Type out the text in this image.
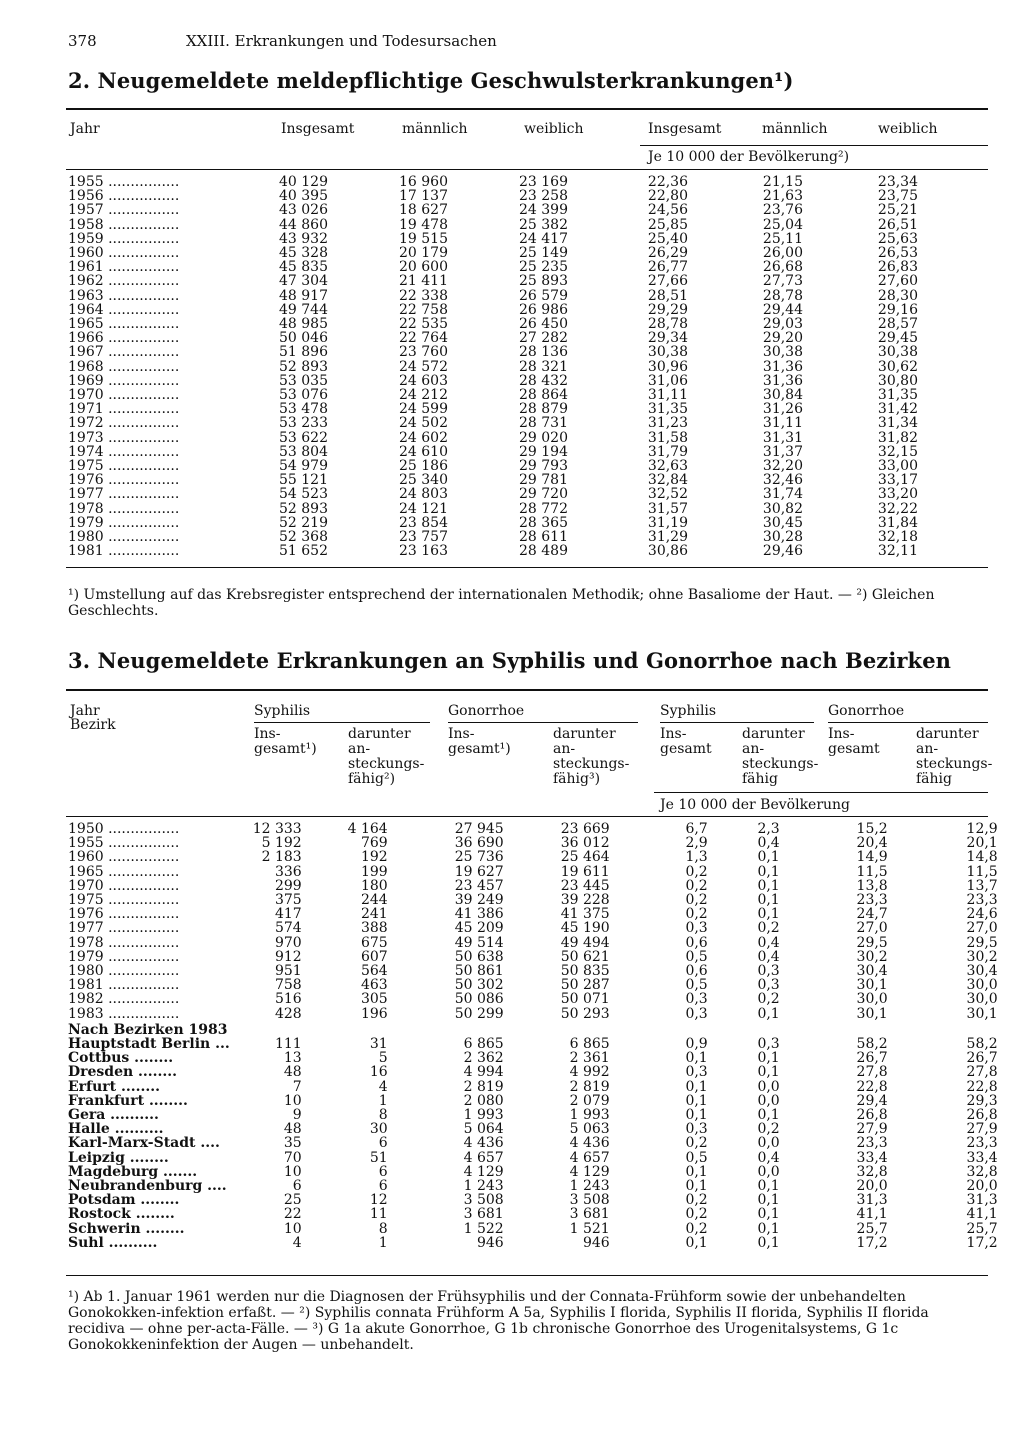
378	XXIII. Erkrankungen und Todesursachen
2. Neugemeldete meldepflichtige Geschwulsterkrankungen¹)
Jahr	Insgesamt	männlich	weiblich	Insgesamt	männlich	weiblich
Je 10 000 der Bevölkerung²)
1955 ................	40 129	16 960	23 169	22,36	21,15	23,34
1956 ................	40 395	17 137	23 258	22,80	21,63	23,75
1957 ................	43 026	18 627	24 399	24,56	23,76	25,21
1958 ................	44 860	19 478	25 382	25,85	25,04	26,51
1959 ................	43 932	19 515	24 417	25,40	25,11	25,63
1960 ................	45 328	20 179	25 149	26,29	26,00	26,53
1961 ................	45 835	20 600	25 235	26,77	26,68	26,83
1962 ................	47 304	21 411	25 893	27,66	27,73	27,60
1963 ................	48 917	22 338	26 579	28,51	28,78	28,30
1964 ................	49 744	22 758	26 986	29,29	29,44	29,16
1965 ................	48 985	22 535	26 450	28,78	29,03	28,57
1966 ................	50 046	22 764	27 282	29,34	29,20	29,45
1967 ................	51 896	23 760	28 136	30,38	30,38	30,38
1968 ................	52 893	24 572	28 321	30,96	31,36	30,62
1969 ................	53 035	24 603	28 432	31,06	31,36	30,80
1970 ................	53 076	24 212	28 864	31,11	30,84	31,35
1971 ................	53 478	24 599	28 879	31,35	31,26	31,42
1972 ................	53 233	24 502	28 731	31,23	31,11	31,34
1973 ................	53 622	24 602	29 020	31,58	31,31	31,82
1974 ................	53 804	24 610	29 194	31,79	31,37	32,15
1975 ................	54 979	25 186	29 793	32,63	32,20	33,00
1976 ................	55 121	25 340	29 781	32,84	32,46	33,17
1977 ................	54 523	24 803	29 720	32,52	31,74	33,20
1978 ................	52 893	24 121	28 772	31,57	30,82	32,22
1979 ................	52 219	23 854	28 365	31,19	30,45	31,84
1980 ................	52 368	23 757	28 611	31,29	30,28	32,18
1981 ................	51 652	23 163	28 489	30,86	29,46	32,11
¹) Umstellung auf das Krebsregister entsprechend der internationalen Methodik; ohne Basaliome der Haut. — ²) Gleichen Geschlechts.
3. Neugemeldete Erkrankungen an Syphilis und Gonorrhoe nach Bezirken
Jahr
Bezirk
Syphilis	Gonorrhoe	Syphilis	Gonorrhoe
Ins-
gesamt¹)
darunter
an-
steckungs-
fähig²)
Ins-
gesamt¹)
darunter
an-
steckungs-
fähig³)
Ins-
gesamt
darunter
an-
steckungs-
fähig
Ins-
gesamt
darunter
an-
steckungs-
fähig
Je 10 000 der Bevölkerung
1950 ................	12 333	4 164	27 945	23 669	6,7	2,3	15,2	12,9
1955 ................	5 192	769	36 690	36 012	2,9	0,4	20,4	20,1
1960 ................	2 183	192	25 736	25 464	1,3	0,1	14,9	14,8
1965 ................	336	199	19 627	19 611	0,2	0,1	11,5	11,5
1970 ................	299	180	23 457	23 445	0,2	0,1	13,8	13,7
1975 ................	375	244	39 249	39 228	0,2	0,1	23,3	23,3
1976 ................	417	241	41 386	41 375	0,2	0,1	24,7	24,6
1977 ................	574	388	45 209	45 190	0,3	0,2	27,0	27,0
1978 ................	970	675	49 514	49 494	0,6	0,4	29,5	29,5
1979 ................	912	607	50 638	50 621	0,5	0,4	30,2	30,2
1980 ................	951	564	50 861	50 835	0,6	0,3	30,4	30,4
1981 ................	758	463	50 302	50 287	0,5	0,3	30,1	30,0
1982 ................	516	305	50 086	50 071	0,3	0,2	30,0	30,0
1983 ................	428	196	50 299	50 293	0,3	0,1	30,1	30,1
Nach Bezirken 1983								
Hauptstadt Berlin ...	111	31	6 865	6 865	0,9	0,3	58,2	58,2
Cottbus ........	13	5	2 362	2 361	0,1	0,1	26,7	26,7
Dresden ........	48	16	4 994	4 992	0,3	0,1	27,8	27,8
Erfurt ........	7	4	2 819	2 819	0,1	0,0	22,8	22,8
Frankfurt ........	10	1	2 080	2 079	0,1	0,0	29,4	29,3
Gera ..........	9	8	1 993	1 993	0,1	0,1	26,8	26,8
Halle ..........	48	30	5 064	5 063	0,3	0,2	27,9	27,9
Karl-Marx-Stadt ....	35	6	4 436	4 436	0,2	0,0	23,3	23,3
Leipzig ........	70	51	4 657	4 657	0,5	0,4	33,4	33,4
Magdeburg .......	10	6	4 129	4 129	0,1	0,0	32,8	32,8
Neubrandenburg ....	6	6	1 243	1 243	0,1	0,1	20,0	20,0
Potsdam ........	25	12	3 508	3 508	0,2	0,1	31,3	31,3
Rostock ........	22	11	3 681	3 681	0,2	0,1	41,1	41,1
Schwerin ........	10	8	1 522	1 521	0,2	0,1	25,7	25,7
Suhl ..........	4	1	946	946	0,1	0,1	17,2	17,2
¹) Ab 1. Januar 1961 werden nur die Diagnosen der Frühsyphilis und der Connata-Frühform sowie der unbehandelten Gonokokken-infektion erfaßt. — ²) Syphilis connata Frühform A 5a, Syphilis I florida, Syphilis II florida, Syphilis II florida recidiva — ohne per-acta-Fälle. — ³) G 1a akute Gonorrhoe, G 1b chronische Gonorrhoe des Urogenitalsystems, G 1c Gonokokkeninfektion der Augen — unbehandelt.
